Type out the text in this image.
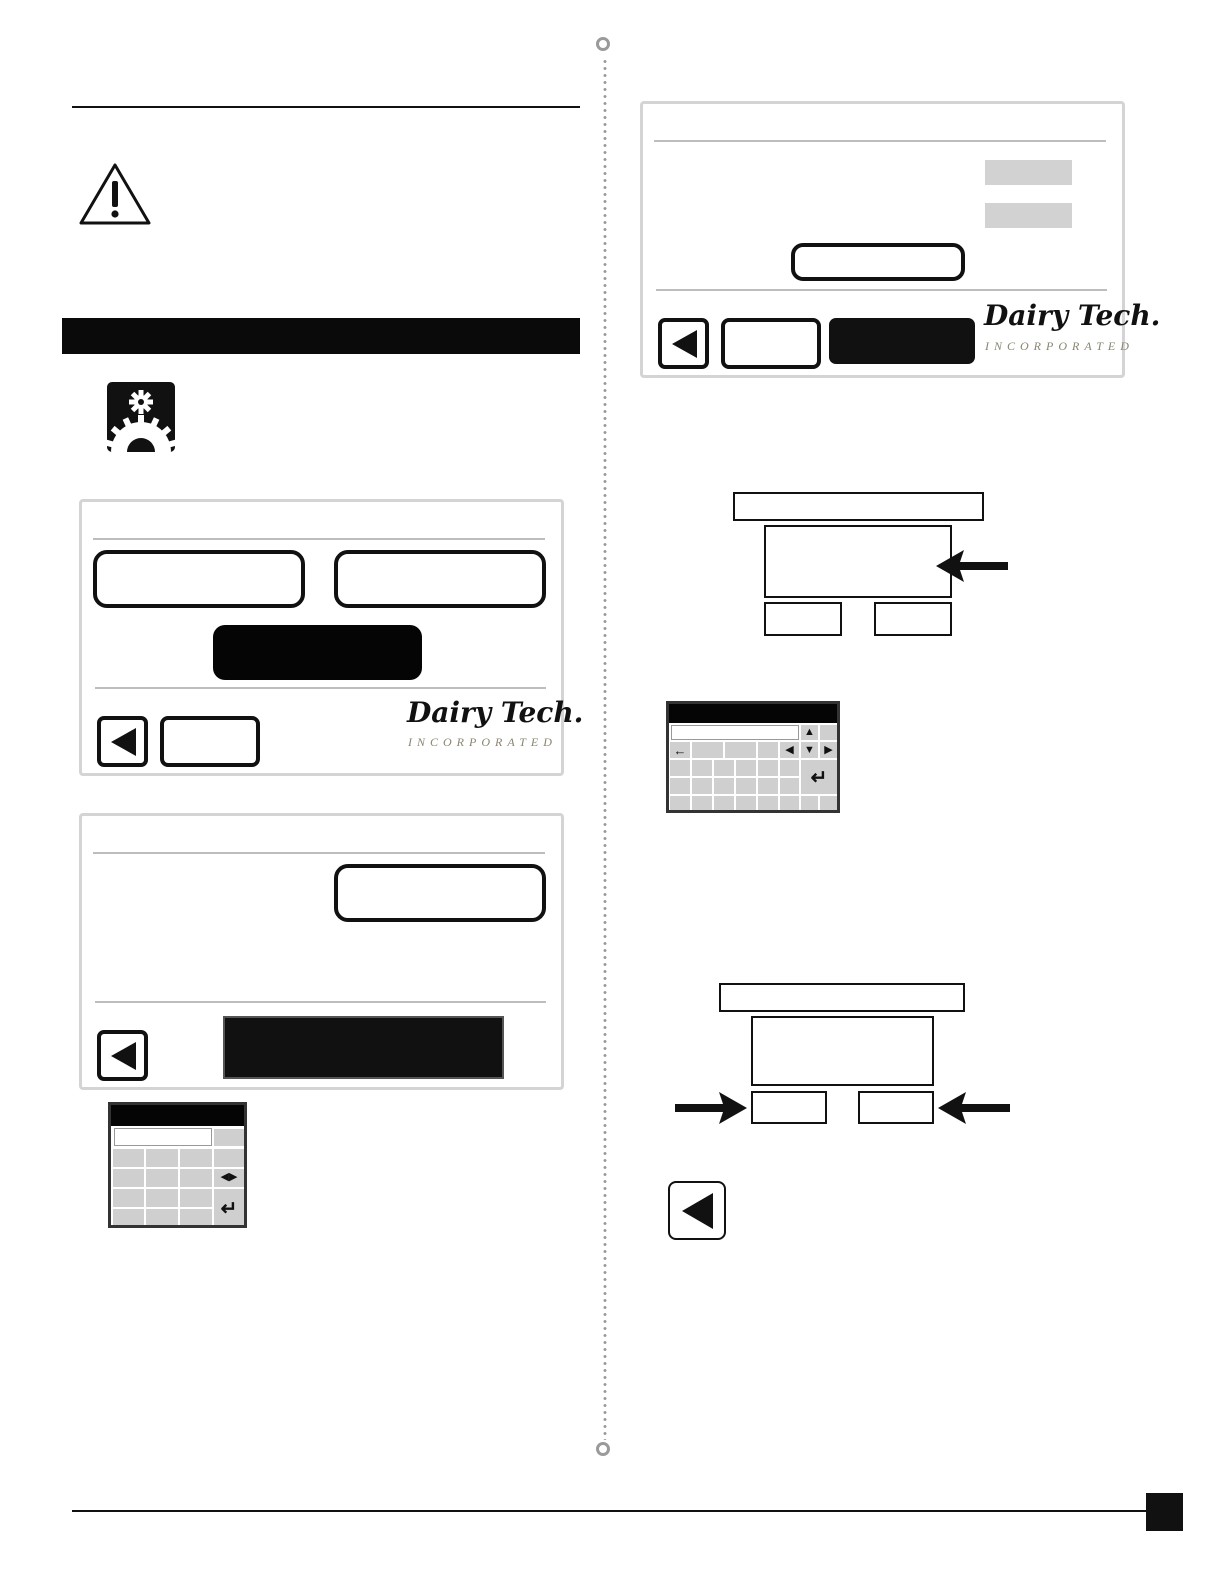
Dairy Tech.
INCORPORATED
◀▶
↵
Dairy Tech.
INCORPORATED
▲
←	◀ ▼ ▶
↵
